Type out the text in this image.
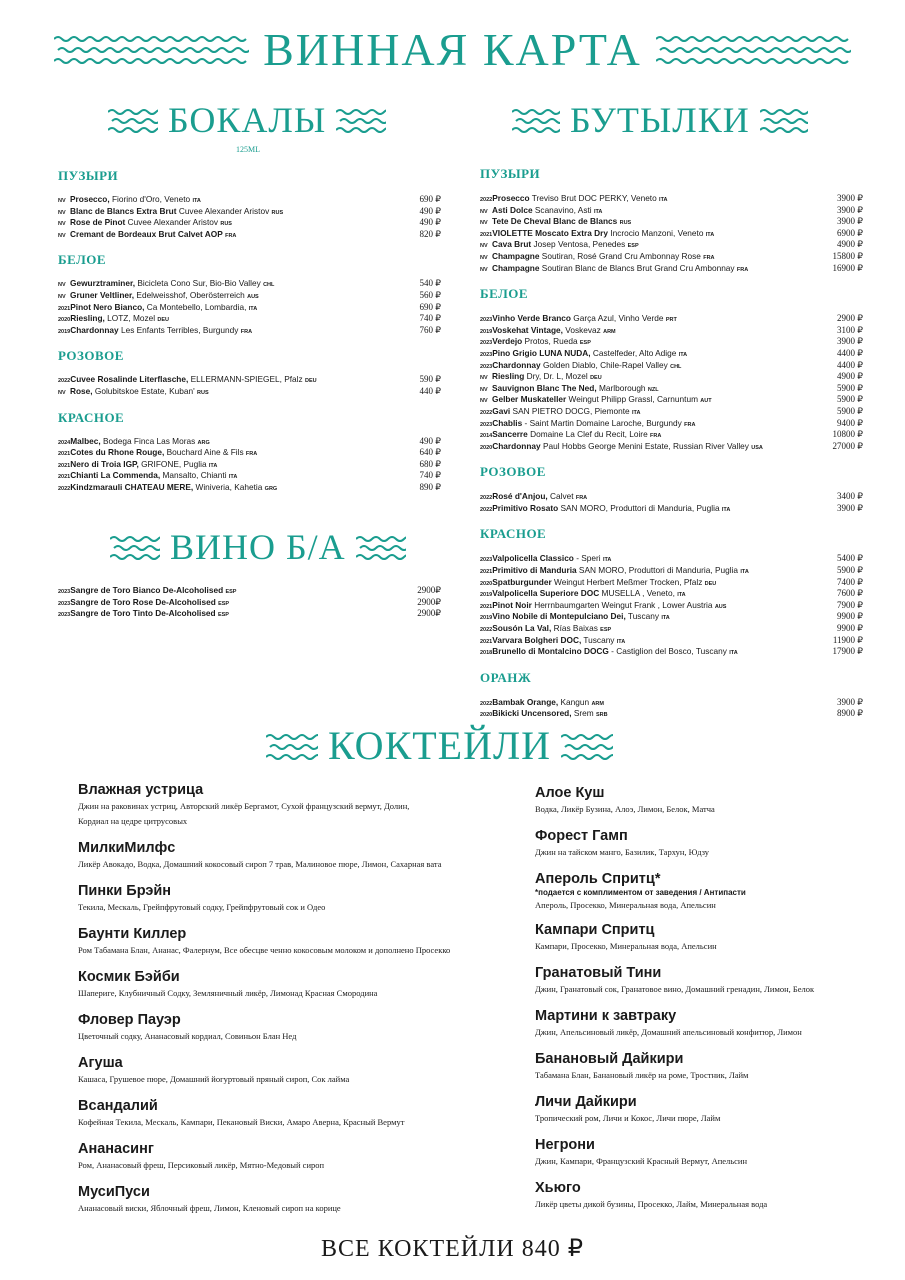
ВИННАЯ КАРТА
БОКАЛЫ
125ML
БУТЫЛКИ
ПУЗЫРИ
NV Prosecco, Fiorino d'Oro, Veneto ITA	690 ₽
NV Blanc de Blancs Extra Brut Cuvee Alexander Aristov RUS	490 ₽
NV Rose de Pinot Cuvee Alexander Aristov RUS	490 ₽
NV Cremant de Bordeaux Brut Calvet AOP FRA	820 ₽
БЕЛОЕ
NV Gewurztraminer, Bicicleta Cono Sur, Bio-Bio Valley CHL	540 ₽
NV Gruner Veltliner, Edelweisshof, Oberösterreich AUS	560 ₽
2021Pinot Nero Bianco, Ca Montebello, Lombardia, ITA	690 ₽
2020Riesling, LOTZ, Mozel DEU	740 ₽
2019Chardonnay Les Enfants Terribles, Burgundy FRA	760 ₽
РОЗОВОЕ
2022Cuvee Rosalinde Literflasche, ELLERMANN-SPIEGEL, Pfalz DEU	590 ₽
NV Rose, Golubitskoe Estate, Kuban' RUS	440 ₽
КРАСНОЕ
2024Malbec, Bodega Finca Las Moras ARG	490 ₽
2021Cotes du Rhone Rouge, Bouchard Aine & Fils FRA	640 ₽
2021Nero di Troia IGP, GRIFONE, Puglia ITA	680 ₽
2021Chianti La Commenda, Mansalto, Chianti ITA	740 ₽
2022Kindzmarauli CHATEAU MERE, Winiveria, Kahetia GRG	890 ₽
ВИНО Б/А
2023Sangre de Toro Bianco De-Alcoholised ESP	2900₽
2023Sangre de Toro Rose De-Alcoholised ESP	2900₽
2023Sangre de Toro Tinto De-Alcoholised ESP	2900₽
ПУЗЫРИ
2022Prosecco Treviso Brut DOC PERKY, Veneto ITA	3900 ₽
NV Asti Dolce Scanavino, Asti ITA	3900 ₽
NV Tete De Cheval Blanc de Blancs RUS	3900 ₽
2021VIOLETTE Moscato Extra Dry Incrocio Manzoni, Veneto ITA	6900 ₽
NV Cava Brut Josep Ventosa, Penedes ESP	4900 ₽
NV Champagne Soutiran, Rosé Grand Cru Ambonnay Rose FRA	15800 ₽
NV Champagne Soutiran Blanc de Blancs Brut Grand Cru Ambonnay FRA	16900 ₽
БЕЛОЕ
2023Vinho Verde Branco Garça Azul, Vinho Verde PRT	2900 ₽
2019Voskehat Vintage, Voskevaz ARM	3100 ₽
2023Verdejo Protos, Rueda ESP	3900 ₽
2023Pino Grigio LUNA NUDA, Castelfeder, Alto Adige ITA	4400 ₽
2023Chardonnay Golden Diablo, Chile-Rapel Valley CHL	4400 ₽
NV Riesling Dry, Dr. L, Mozel DEU	4900 ₽
NV Sauvignon Blanc The Ned, Marlborough NZL	5900 ₽
NV Gelber Muskateller Weingut Philipp Grassl, Carnuntum AUT	5900 ₽
2022Gavi SAN PIETRO DOCG, Piemonte ITA	5900 ₽
2023Chablis - Saint Martin Domaine Laroche, Burgundy FRA	9400 ₽
2014Sancerre Domaine La Clef du Recit, Loire FRA	10800 ₽
2020Chardonnay Paul Hobbs George Menini Estate, Russian River Valley USA	27000 ₽
РОЗОВОЕ
2022Rosé d'Anjou, Calvet FRA	3400 ₽
2022Primitivo Rosato SAN MORO, Produttori di Manduria, Puglia ITA	3900 ₽
КРАСНОЕ
2023Valpolicella Classico - Speri ITA	5400 ₽
2021Primitivo di Manduria SAN MORO, Produttori di Manduria, Puglia ITA	5900 ₽
2020Spatburgunder Weingut Herbert Meßmer Trocken, Pfalz DEU	7400 ₽
2019Valpolicella Superiore DOC MUSELLA , Veneto, ITA	7600 ₽
2021Pinot Noir Herrnbaumgarten Weingut Frank , Lower Austria AUS	7900 ₽
2019Vino Nobile di Montepulciano Dei, Tuscany ITA	9900 ₽
2022Sousón La Val, Rías Baixas ESP	9900 ₽
2021Varvara Bolgheri DOC, Tuscany ITA	11900 ₽
2018Brunello di Montalcino DOCG - Castiglion del Bosco, Tuscany ITA	17900 ₽
ОРАНЖ
2022Bambak Orange, Kangun ARM	3900 ₽
2020Bikicki Uncensored, Srem SRB	8900 ₽
КОКТЕЙЛИ

Влажная устрица

Джин на раковинах устриц, Авторский ликёр Бергамот, Сухой французский вермут, Долин,

Кордиал на цедре цитрусовых

МилкиМилфс

Ликёр Авокадо, Водка, Домашний кокосовый сироп 7 трав, Малиновое пюре, Лимон, Сахарная вата

Пинки Брэйн

Текила, Мескаль, Грейпфрутовый содку, Грейпфрутовый сок и Одео

Баунти Киллер

Ром Табамана Блан, Ананас, Фалернум, Все обесцве ченно кокосовым молоком и дополнено Просекко

Космик Бэйби

Шапериге, Клубничный Содку, Земляничный ликёр, Лимонад Красная Смородина

Фловер Пауэр

Цветочный содку, Ананасовый кордиал, Совиньон Блан Нед

Агуша

Кашаса, Грушевое пюре, Домашний йогуртовый пряный сироп, Сок лайма

Всандалий

Кофейная Текила, Мескаль, Кампари, Пекановый Виски, Амаро Аверна, Красный Вермут

Ананасинг

Ром, Ананасовый фреш, Персиковый ликёр, Мятно-Медовый сироп

МусиПуси

Ананасовый виски, Яблочный фреш, Лимон, Кленовый сироп на корице

Алое Куш

Водка, Ликёр Бузина, Алоэ, Лимон, Белок, Матча

Форест Гамп

Джин на тайском манго, Базилик, Тархун, Юдзу

Апероль Спритц*

*подается с комплиментом от заведения / Антипасти

Апероль, Просекко, Минеральная вода, Апельсин

Кампари Спритц

Кампари, Просекко, Минеральная вода, Апельсин

Гранатовый Тини

Джин, Гранатовый сок, Гранатовое вино, Домашний гренадин, Лимон, Белок

Мартини к завтраку

Джин, Апельсиновый ликёр, Домашний апельсиновый конфитюр, Лимон

Банановый Дайкири

Табамана Блан, Банановый ликёр на роме, Тростник, Лайм

Личи Дайкири

Тропический ром, Личи и Кокос, Личи пюре, Лайм

Негрони

Джин, Кампари, Французский Красный Вермут, Апельсин

Хьюго

Ликёр цветы дикой бузины, Просекко, Лайм, Минеральная вода

ВСЕ КОКТЕЙЛИ 840 ₽
